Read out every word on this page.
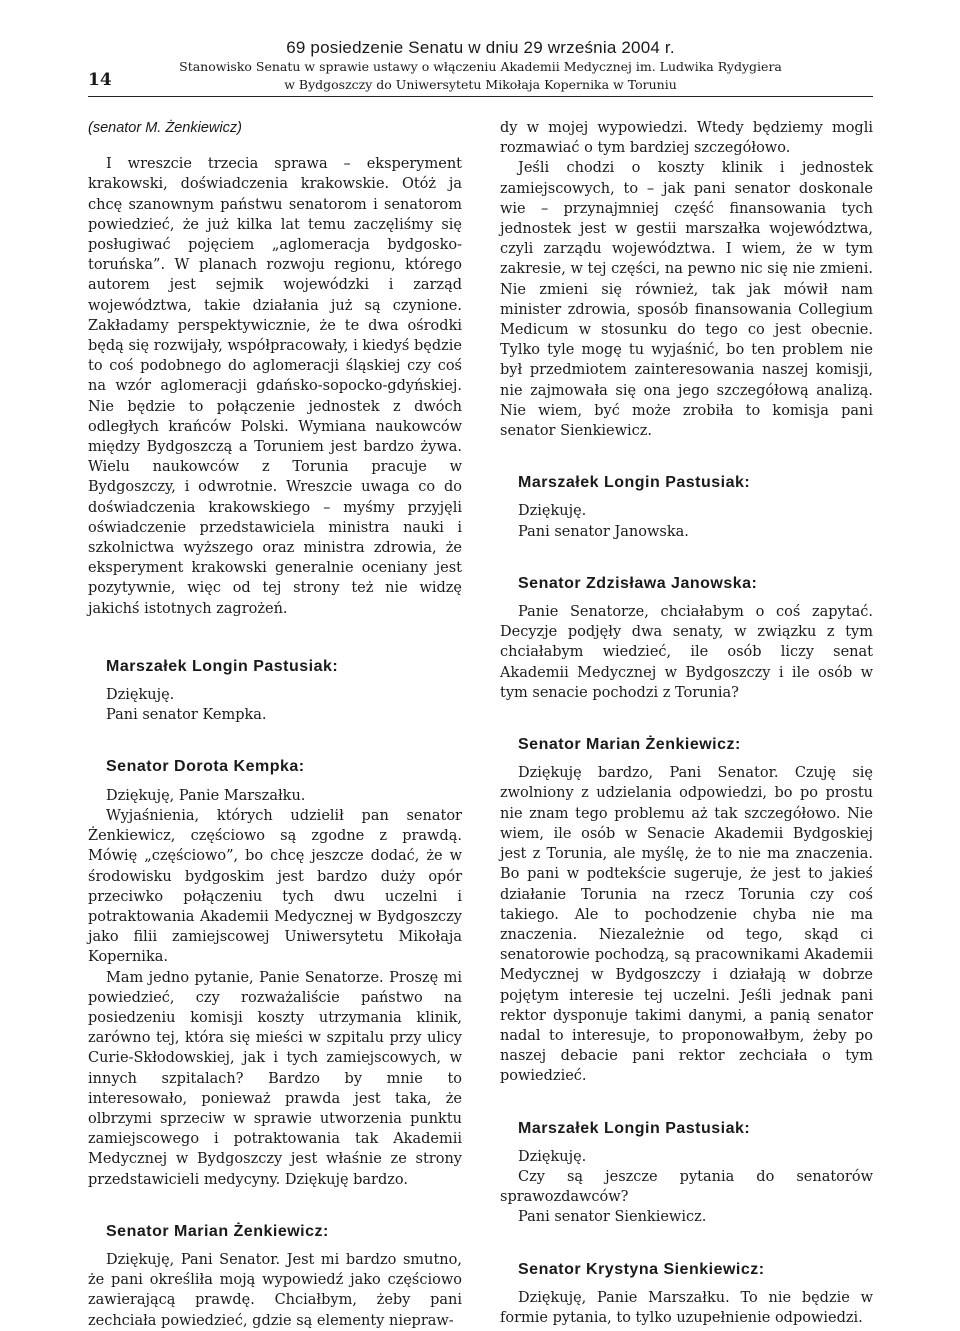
14
69 posiedzenie Senatu w dniu 29 września 2004 r.
Stanowisko Senatu w sprawie ustawy o włączeniu Akademii Medycznej im. Ludwika Rydygiera
w Bydgoszczy do Uniwersytetu Mikołaja Kopernika w Toruniu

(senator M. Żenkiewicz)

I wreszcie trzecia sprawa – eksperyment krakowski, doświadczenia krakowskie. Otóż ja chcę szanownym państwu senatorom i senatorom powiedzieć, że już kilka lat temu zaczęliśmy się posługiwać pojęciem „aglomeracja bydgosko-toruńska”. W planach rozwoju regionu, którego autorem jest sejmik wojewódzki i zarząd województwa, takie działania już są czynione. Zakładamy perspektywicznie, że te dwa ośrodki będą się rozwijały, współpracowały, i kiedyś będzie to coś podobnego do aglomeracji śląskiej czy coś na wzór aglomeracji gdańsko-sopocko-gdyńskiej. Nie będzie to połączenie jednostek z dwóch odległych krańców Polski. Wymiana naukowców między Bydgoszczą a Toruniem jest bardzo żywa. Wielu naukowców z Torunia pracuje w Bydgoszczy, i odwrotnie. Wreszcie uwaga co do doświadczenia krakowskiego – myśmy przyjęli oświadczenie przedstawiciela ministra nauki i szkolnictwa wyższego oraz ministra zdrowia, że eksperyment krakowski generalnie oceniany jest pozytywnie, więc od tej strony też nie widzę jakichś istotnych zagrożeń.

Marszałek Longin Pastusiak:

Dziękuję.

Pani senator Kempka.

Senator Dorota Kempka:

Dziękuję, Panie Marszałku.

Wyjaśnienia, których udzielił pan senator Żenkiewicz, częściowo są zgodne z prawdą. Mówię „częściowo”, bo chcę jeszcze dodać, że w środowisku bydgoskim jest bardzo duży opór przeciwko połączeniu tych dwu uczelni i potraktowania Akademii Medycznej w Bydgoszczy jako filii zamiejscowej Uniwersytetu Mikołaja Kopernika.

Mam jedno pytanie, Panie Senatorze. Proszę mi powiedzieć, czy rozważaliście państwo na posiedzeniu komisji koszty utrzymania klinik, zarówno tej, która się mieści w szpitalu przy ulicy Curie-Skłodowskiej, jak i tych zamiejscowych, w innych szpitalach? Bardzo by mnie to interesowało, ponieważ prawda jest taka, że olbrzymi sprzeciw w sprawie utworzenia punktu zamiejscowego i potraktowania tak Akademii Medycznej w Bydgoszczy jest właśnie ze strony przedstawicieli medycyny. Dziękuję bardzo.

Senator Marian Żenkiewicz:

Dziękuję, Pani Senator. Jest mi bardzo smutno, że pani określiła moją wypowiedź jako częściowo zawierającą prawdę. Chciałbym, żeby pani zechciała powiedzieć, gdzie są elementy niepraw-

dy w mojej wypowiedzi. Wtedy będziemy mogli rozmawiać o tym bardziej szczegółowo.

Jeśli chodzi o koszty klinik i jednostek zamiejscowych, to – jak pani senator doskonale wie – przynajmniej część finansowania tych jednostek jest w gestii marszałka województwa, czyli zarządu województwa. I wiem, że w tym zakresie, w tej części, na pewno nic się nie zmieni. Nie zmieni się również, tak jak mówił nam minister zdrowia, sposób finansowania Collegium Medicum w stosunku do tego co jest obecnie. Tylko tyle mogę tu wyjaśnić, bo ten problem nie był przedmiotem zainteresowania naszej komisji, nie zajmowała się ona jego szczegółową analizą. Nie wiem, być może zrobiła to komisja pani senator Sienkiewicz.

Marszałek Longin Pastusiak:

Dziękuję.

Pani senator Janowska.

Senator Zdzisława Janowska:

Panie Senatorze, chciałabym o coś zapytać. Decyzje podjęły dwa senaty, w związku z tym chciałabym wiedzieć, ile osób liczy senat Akademii Medycznej w Bydgoszczy i ile osób w tym senacie pochodzi z Torunia?

Senator Marian Żenkiewicz:

Dziękuję bardzo, Pani Senator. Czuję się zwolniony z udzielania odpowiedzi, bo po prostu nie znam tego problemu aż tak szczegółowo. Nie wiem, ile osób w Senacie Akademii Bydgoskiej jest z Torunia, ale myślę, że to nie ma znaczenia. Bo pani w podtekście sugeruje, że jest to jakieś działanie Torunia na rzecz Torunia czy coś takiego. Ale to pochodzenie chyba nie ma znaczenia. Niezależnie od tego, skąd ci senatorowie pochodzą, są pracownikami Akademii Medycznej w Bydgoszczy i działają w dobrze pojętym interesie tej uczelni. Jeśli jednak pani rektor dysponuje takimi danymi, a panią senator nadal to interesuje, to proponowałbym, żeby po naszej debacie pani rektor zechciała o tym powiedzieć.

Marszałek Longin Pastusiak:

Dziękuję.

Czy są jeszcze pytania do senatorów sprawozdawców?

Pani senator Sienkiewicz.

Senator Krystyna Sienkiewicz:

Dziękuję, Panie Marszałku. To nie będzie w formie pytania, to tylko uzupełnienie odpowiedzi.
